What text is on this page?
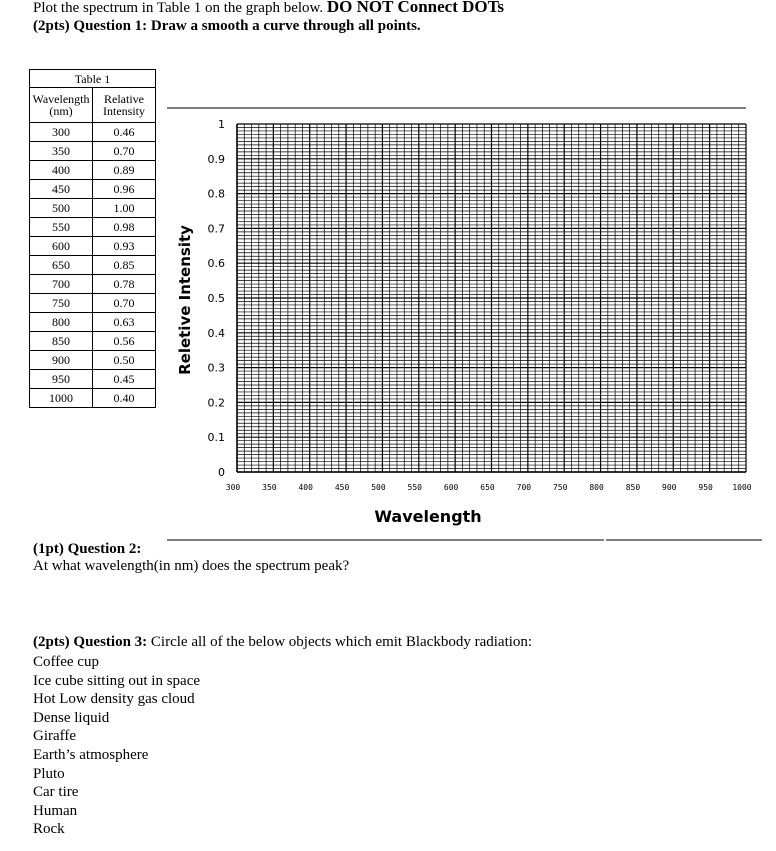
Plot the spectrum in Table 1 on the graph below. DO NOT Connect DOTs
(2pts) Question 1: Draw a smooth a curve through all points.
Table 1	
Wavelength (nm)	Relative Intensity
300	0.46
350	0.70
400	0.89
450	0.96
500	1.00
550	0.98
600	0.93
650	0.85
700	0.78
750	0.70
800	0.63
850	0.56
900	0.50
950	0.45
1000	0.40
0
0.1
0.2
0.3
0.4
0.5
0.6
0.7
0.8
0.9
1
300	350	400	450	500	550	600	650	700	750	800	850	900	950 1000
Reletive Intensity
Wavelength
(1pt) Question 2:
At what wavelength(in nm) does the spectrum peak?
(2pts) Question 3: Circle all of the below objects which emit Blackbody radiation:
Coffee cup
Ice cube sitting out in space
Hot Low density gas cloud
Dense liquid
Giraffe
Earth’s atmosphere
Pluto
Car tire
Human
Rock
